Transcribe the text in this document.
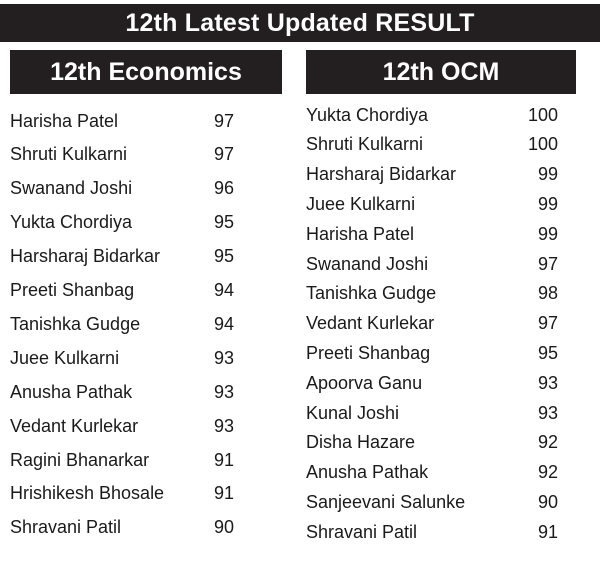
12th Latest Updated RESULT
12th Economics
Harisha Patel	97
Shruti Kulkarni	97
Swanand Joshi	96
Yukta Chordiya	95
Harsharaj Bidarkar	95
Preeti Shanbag	94
Tanishka Gudge	94
Juee Kulkarni	93
Anusha Pathak	93
Vedant Kurlekar	93
Ragini Bhanarkar	91
Hrishikesh Bhosale	91
Shravani Patil	90
12th OCM
Yukta Chordiya	100
Shruti Kulkarni	100
Harsharaj Bidarkar	99
Juee Kulkarni	99
Harisha Patel	99
Swanand Joshi	97
Tanishka Gudge	98
Vedant Kurlekar	97
Preeti Shanbag	95
Apoorva Ganu	93
Kunal Joshi	93
Disha Hazare	92
Anusha Pathak	92
Sanjeevani Salunke	90
Shravani Patil	91
